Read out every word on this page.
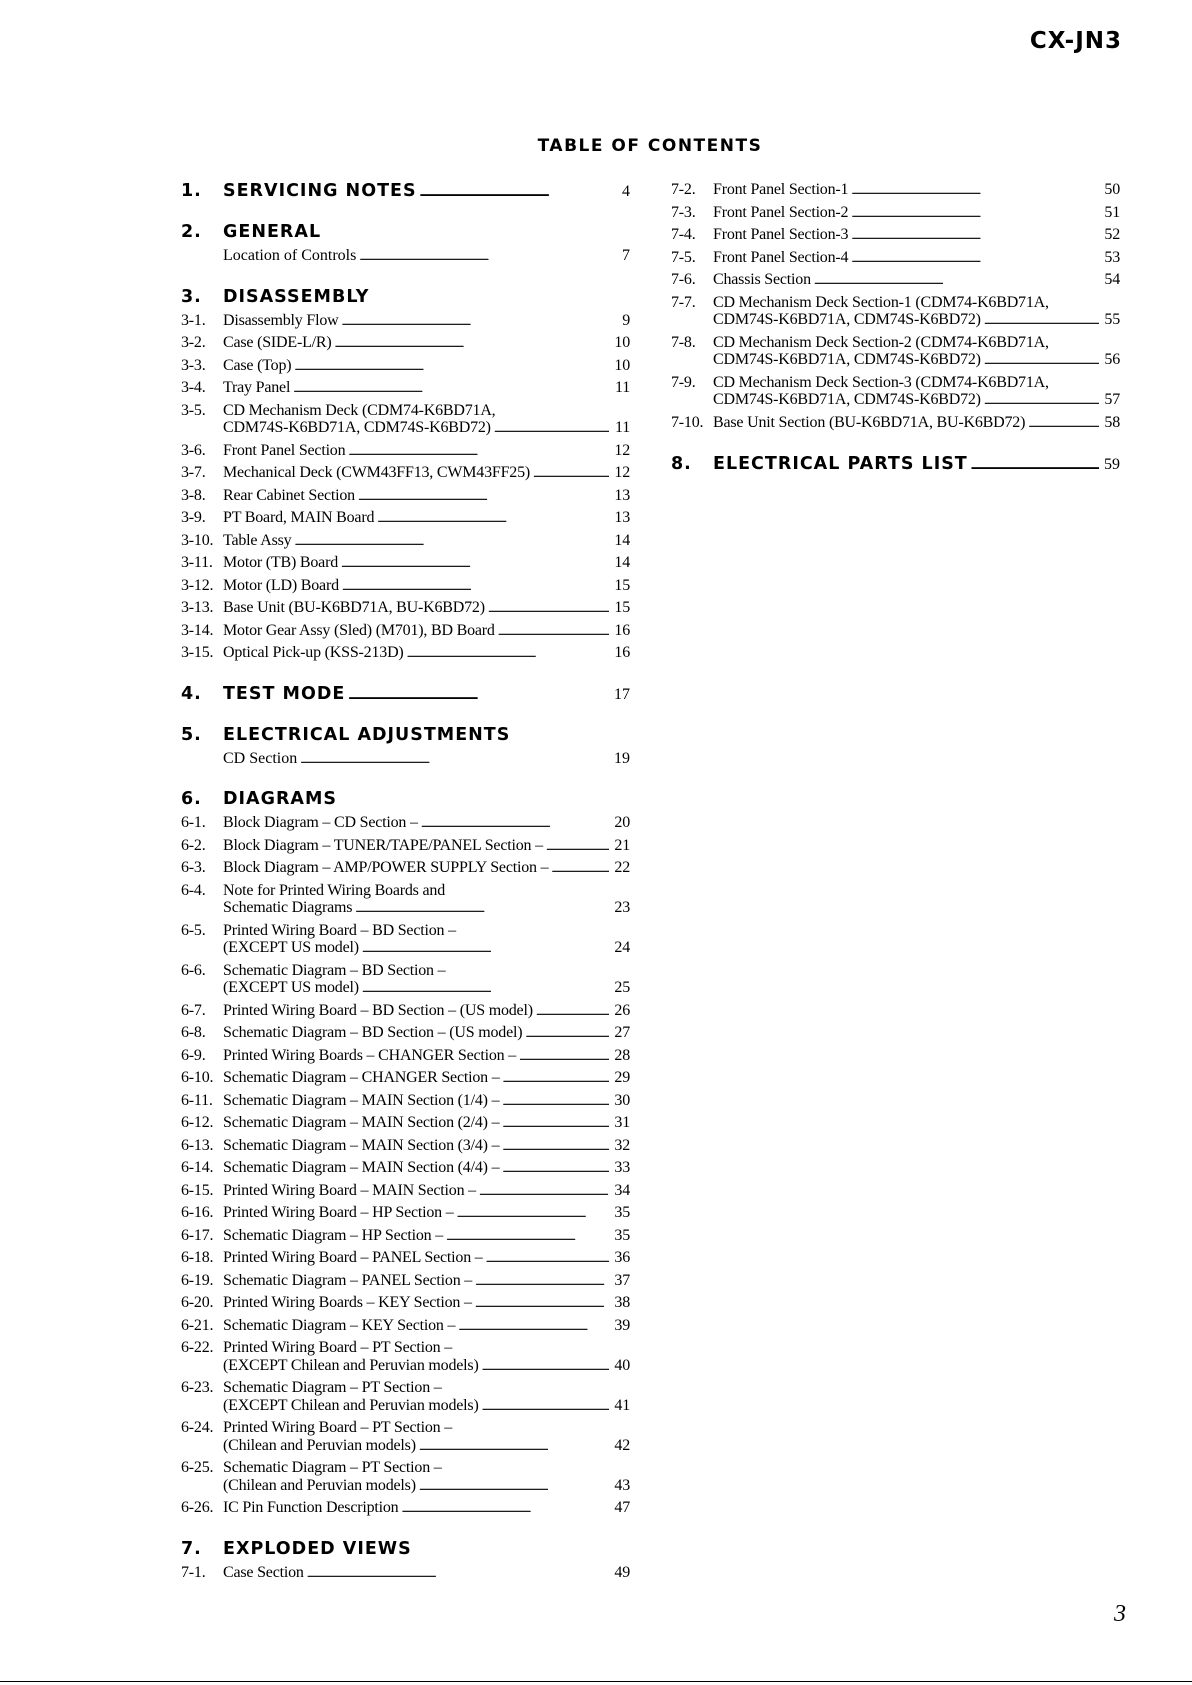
CX-JN3
TABLE OF CONTENTS
1.	SERVICING NOTES . . .	4
2.	GENERAL
Location of Controls . . .	7
3.	DISASSEMBLY
3-1.	Disassembly Flow . . .	9
3-2.	Case (SIDE-L/R) . . .	10
3-3.	Case (Top) . . .	10
3-4.	Tray Panel . . .	11
3-5.	CD Mechanism Deck (CDM74-K6BD71A,
CDM74S-K6BD71A, CDM74S-K6BD72) . . .	11
3-6.	Front Panel Section . . .	12
3-7.	Mechanical Deck (CWM43FF13, CWM43FF25) . . .	12
3-8.	Rear Cabinet Section . . .	13
3-9.	PT Board, MAIN Board . . .	13
3-10. Table Assy . . .	14
3-11. Motor (TB) Board . . .	14
3-12. Motor (LD) Board . . .	15
3-13. Base Unit (BU-K6BD71A, BU-K6BD72) . . .	15
3-14. Motor Gear Assy (Sled) (M701), BD Board . . .	16
3-15. Optical Pick-up (KSS-213D) . . .	16
4.	TEST MODE . . .	17
5.	ELECTRICAL ADJUSTMENTS
CD Section . . .	19
6.	DIAGRAMS
6-1.	Block Diagram – CD Section – . . .	20
6-2.	Block Diagram – TUNER/TAPE/PANEL Section – . . .	21
6-3.	Block Diagram – AMP/POWER SUPPLY Section – . . .	22
6-4.	Note for Printed Wiring Boards and
Schematic Diagrams . . .	23
6-5.	Printed Wiring Board – BD Section –
(EXCEPT US model) . . .	24
6-6.	Schematic Diagram – BD Section –
(EXCEPT US model) . . .	25
6-7.	Printed Wiring Board – BD Section – (US model) . . .	26
6-8.	Schematic Diagram – BD Section – (US model) . . .	27
6-9.	Printed Wiring Boards – CHANGER Section – . . .	28
6-10. Schematic Diagram – CHANGER Section – . . .	29
6-11. Schematic Diagram – MAIN Section (1/4) – . . .	30
6-12. Schematic Diagram – MAIN Section (2/4) – . . .	31
6-13. Schematic Diagram – MAIN Section (3/4) – . . .	32
6-14. Schematic Diagram – MAIN Section (4/4) – . . .	33
6-15. Printed Wiring Board – MAIN Section – . . .	34
6-16. Printed Wiring Board – HP Section – . . .	35
6-17. Schematic Diagram – HP Section – . . .	35
6-18. Printed Wiring Board – PANEL Section – . . .	36
6-19. Schematic Diagram – PANEL Section – . . .	37
6-20. Printed Wiring Boards – KEY Section – . . .	38
6-21. Schematic Diagram – KEY Section – . . .	39
6-22. Printed Wiring Board – PT Section –
(EXCEPT Chilean and Peruvian models) . . .	40
6-23. Schematic Diagram – PT Section –
(EXCEPT Chilean and Peruvian models) . . .	41
6-24. Printed Wiring Board – PT Section –
(Chilean and Peruvian models) . . .	42
6-25. Schematic Diagram – PT Section –
(Chilean and Peruvian models) . . .	43
6-26. IC Pin Function Description . . .	47
7.	EXPLODED VIEWS
7-1.	Case Section . . .	49
7-2.	Front Panel Section-1 . . .	50
7-3.	Front Panel Section-2 . . .	51
7-4.	Front Panel Section-3 . . .	52
7-5.	Front Panel Section-4 . . .	53
7-6.	Chassis Section . . .	54
7-7.	CD Mechanism Deck Section-1 (CDM74-K6BD71A,
CDM74S-K6BD71A, CDM74S-K6BD72) . . .	55
7-8.	CD Mechanism Deck Section-2 (CDM74-K6BD71A,
CDM74S-K6BD71A, CDM74S-K6BD72) . . .	56
7-9.	CD Mechanism Deck Section-3 (CDM74-K6BD71A,
CDM74S-K6BD71A, CDM74S-K6BD72) . . .	57
7-10. Base Unit Section (BU-K6BD71A, BU-K6BD72) . . .	58
8.	ELECTRICAL PARTS LIST . . .	59
3
